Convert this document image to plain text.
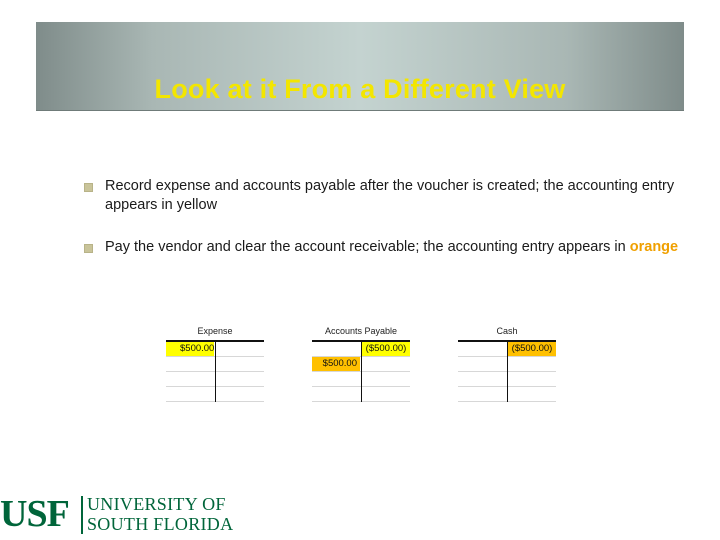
Look at it From a Different View
Record expense and accounts payable after the voucher is created; the accounting entry appears in yellow
Pay the vendor and clear the account receivable; the accounting entry appears in orange
Expense
$500.00
Accounts Payable
($500.00)
$500.00
Cash
($500.00)
USF	UNIVERSITY OF
SOUTH FLORIDA
